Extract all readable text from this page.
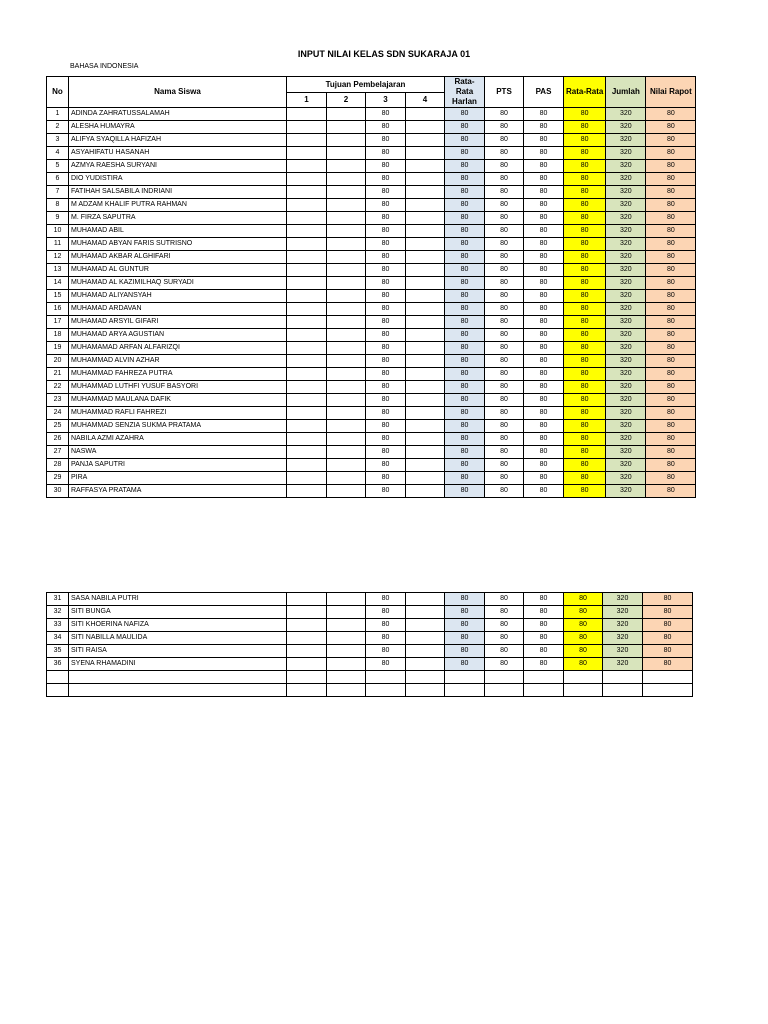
INPUT NILAI KELAS SDN SUKARAJA 01
BAHASA INDONESIA
No	Nama Siswa	Tujuan Pembelajaran				Rata-Rata Harlan	PTS	PAS	Rata-Rata	Jumlah	Nilai Rapot
		1	2	3	4						
1	ADINDA ZAHRATUSSALAMAH			80		80	80	80	80	320	80
2	ALESHA HUMAYRA			80		80	80	80	80	320	80
3	ALIFYA SYAQILLA HAFIZAH			80		80	80	80	80	320	80
4	ASYAHIFATU HASANAH			80		80	80	80	80	320	80
5	AZMYA RAESHA SURYANI			80		80	80	80	80	320	80
6	DIO YUDISTIRA			80		80	80	80	80	320	80
7	FATIHAH SALSABILA INDRIANI			80		80	80	80	80	320	80
8	M ADZAM KHALIF PUTRA RAHMAN			80		80	80	80	80	320	80
9	M. FIRZA SAPUTRA			80		80	80	80	80	320	80
10	MUHAMAD ABIL			80		80	80	80	80	320	80
11	MUHAMAD ABYAN FARIS SUTRISNO			80		80	80	80	80	320	80
12	MUHAMAD AKBAR ALGHIFARI			80		80	80	80	80	320	80
13	MUHAMAD AL GUNTUR			80		80	80	80	80	320	80
14	MUHAMAD AL KAZIMILHAQ SURYADI			80		80	80	80	80	320	80
15	MUHAMAD ALIYANSYAH			80		80	80	80	80	320	80
16	MUHAMAD ARDAVAN			80		80	80	80	80	320	80
17	MUHAMAD ARSYIL GIFARI			80		80	80	80	80	320	80
18	MUHAMAD ARYA AGUSTIAN			80		80	80	80	80	320	80
19	MUHAMAMAD ARFAN ALFARIZQI			80		80	80	80	80	320	80
20	MUHAMMAD ALVIN AZHAR			80		80	80	80	80	320	80
21	MUHAMMAD FAHREZA PUTRA			80		80	80	80	80	320	80
22	MUHAMMAD LUTHFI YUSUF BASYORI			80		80	80	80	80	320	80
23	MUHAMMAD MAULANA DAFIK			80		80	80	80	80	320	80
24	MUHAMMAD RAFLI FAHREZI			80		80	80	80	80	320	80
25	MUHAMMAD SENZIA SUKMA PRATAMA			80		80	80	80	80	320	80
26	NABILA AZMI AZAHRA			80		80	80	80	80	320	80
27	NASWA			80		80	80	80	80	320	80
28	PANJA SAPUTRI			80		80	80	80	80	320	80
29	PIRA			80		80	80	80	80	320	80
30	RAFFASYA PRATAMA			80		80	80	80	80	320	80
31	SASA NABILA PUTRI			80		80	80	80	80	320	80
32	SITI BUNGA			80		80	80	80	80	320	80
33	SITI KHOERINA NAFIZA			80		80	80	80	80	320	80
34	SITI NABILLA MAULIDA			80		80	80	80	80	320	80
35	SITI RAISA			80		80	80	80	80	320	80
36	SYENA RHAMADINI			80		80	80	80	80	320	80
